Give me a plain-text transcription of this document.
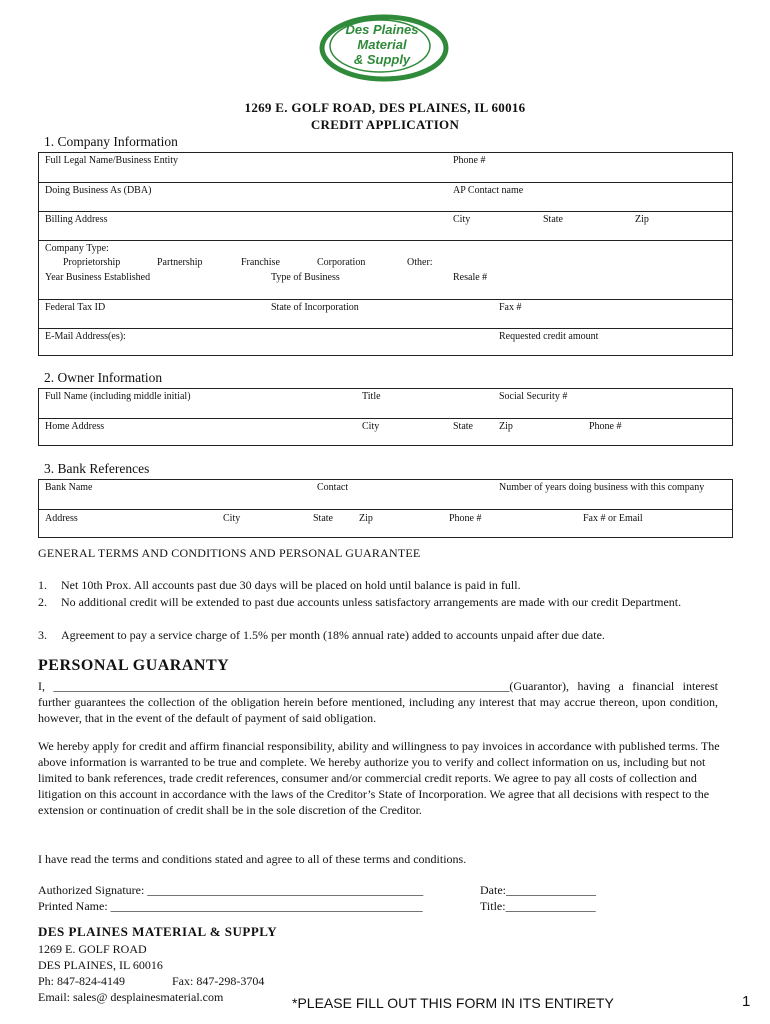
Des Plaines
Material
& Supply
1269 E. GOLF ROAD, DES PLAINES, IL 60016
CREDIT APPLICATION
1. Company Information
Full Legal Name/Business Entity	Phone #
Doing Business As (DBA)	AP Contact name
Billing Address	City	State	Zip
Company Type:
Proprietorship	Partnership	Franchise	Corporation	Other:
Year Business Established	Type of Business	Resale #
Federal Tax ID	State of Incorporation	Fax #
E-Mail Address(es):	Requested credit amount
2. Owner Information
Full Name (including middle initial)	Title	Social Security #
Home Address	City	State	Zip	Phone #
3. Bank References
Bank Name	Contact	Number of years doing business with this company
Address	City	State	Zip	Phone #	Fax # or Email
GENERAL TERMS AND CONDITIONS AND PERSONAL GUARANTEE
1. Net 10th Prox. All accounts past due 30 days will be placed on hold until balance is paid in full.
2. No additional credit will be extended to past due accounts unless satisfactory arrangements are made with our credit Department.
3. Agreement to pay a service charge of 1.5% per month (18% annual rate) added to accounts unpaid after due date.
PERSONAL GUARANTY
I, ____________________________________________________________________________(Guarantor), having a financial interest further guarantees the collection of the obligation herein before mentioned, including any interest that may accrue thereon, upon condition, however, that in the event of the default of payment of said obligation.
We hereby apply for credit and affirm financial responsibility, ability and willingness to pay invoices in accordance with published terms. The above information is warranted to be true and complete. We hereby authorize you to verify and collect information on us, including but not limited to bank references, trade credit references, consumer and/or commercial credit reports. We agree to pay all costs of collection and litigation on this account in accordance with the laws of the Creditor’s State of Incorporation. We agree that all decisions with respect to the extension or continuation of credit shall be in the sole discretion of the Creditor.
I have read the terms and conditions stated and agree to all of these terms and conditions.
Authorized Signature: ______________________________________________	Date:_______________
Printed Name: ____________________________________________________	Title:_______________
DES PLAINES MATERIAL & SUPPLY
1269 E. GOLF ROAD
DES PLAINES, IL 60016
Ph: 847-824-4149	Fax: 847-298-3704
Email: sales@ desplainesmaterial.com	*PLEASE FILL OUT THIS FORM IN ITS ENTIRETY	1
